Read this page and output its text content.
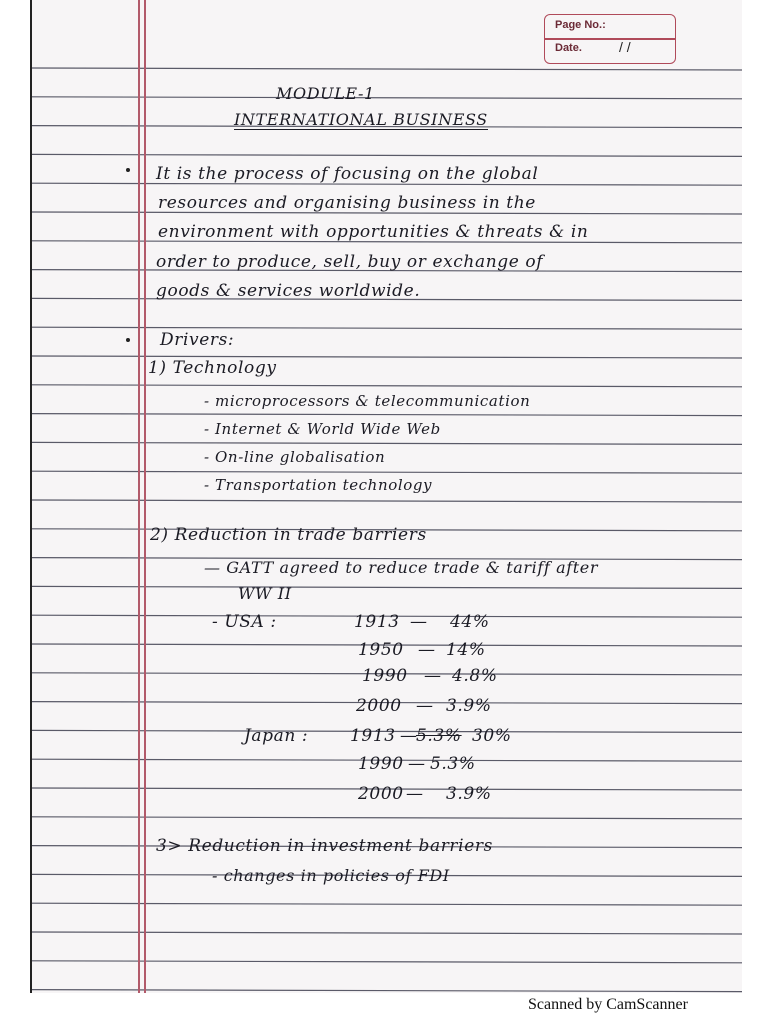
Page No.:
Date.	/ /
MODULE-1
INTERNATIONAL BUSINESS
It is the process of focusing on the global
resources and organising business in the
environment with opportunities & threats & in
order to produce, sell, buy or exchange of
goods & services worldwide.
Drivers:
1) Technology
- microprocessors & telecommunication
- Internet & World Wide Web
- On-line globalisation
- Transportation technology
2) Reduction in trade barriers
— GATT agreed to reduce trade & tariff after
WW II
- USA :	1913 — 44%
1950 — 14%
1990 — 4.8%
2000 — 3.9%
Japan : 1913 —
5.3% 30%
1990 — 5.3%
2000 — 3.9%
3> Reduction in investment barriers
- changes in policies of FDI
Scanned by CamScanner
